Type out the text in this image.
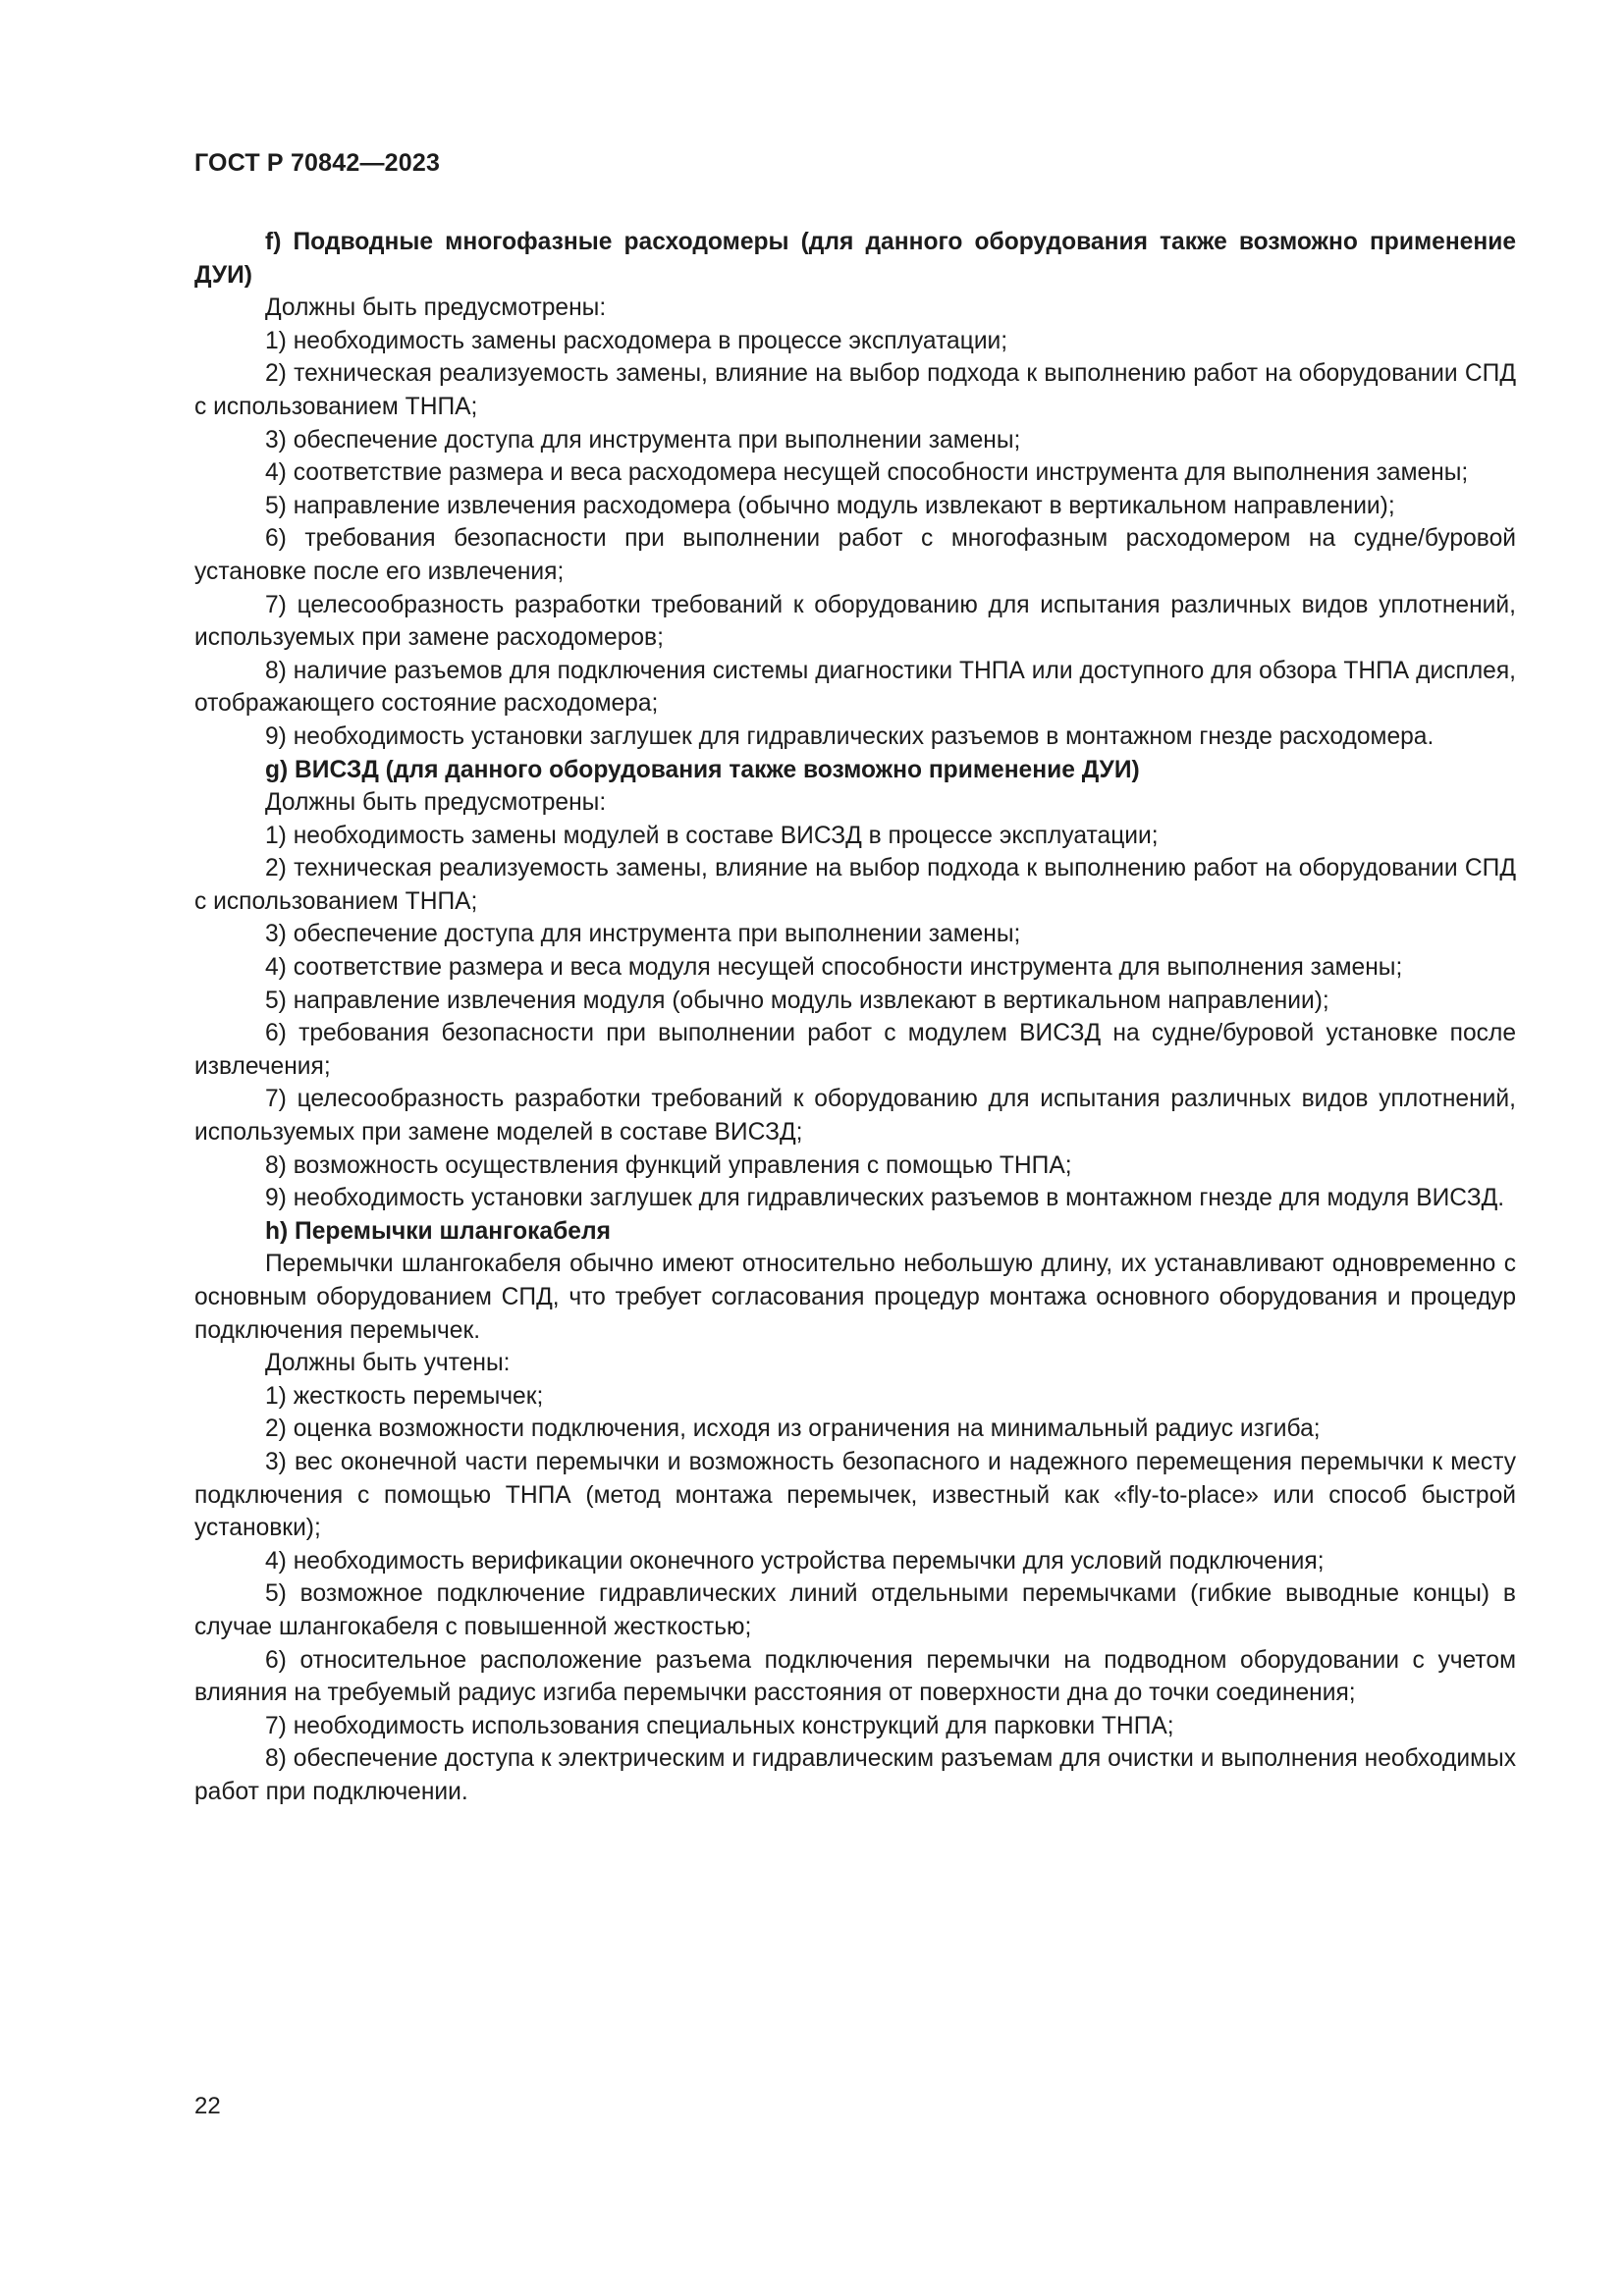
ГОСТ Р 70842—2023

f) Подводные многофазные расходомеры (для данного оборудования также возможно применение ДУИ)

Должны быть предусмотрены:

1) необходимость замены расходомера в процессе эксплуатации;

2) техническая реализуемость замены, влияние на выбор подхода к выполнению работ на оборудовании СПД с использованием ТНПА;

3) обеспечение доступа для инструмента при выполнении замены;

4) соответствие размера и веса расходомера несущей способности инструмента для выполнения замены;

5) направление извлечения расходомера (обычно модуль извлекают в вертикальном направлении);

6) требования безопасности при выполнении работ с многофазным расходомером на судне/буровой установке после его извлечения;

7) целесообразность разработки требований к оборудованию для испытания различных видов уплотнений, используемых при замене расходомеров;

8) наличие разъемов для подключения системы диагностики ТНПА или доступного для обзора ТНПА дисплея, отображающего состояние расходомера;

9) необходимость установки заглушек для гидравлических разъемов в монтажном гнезде расходомера.

g) ВИСЗД (для данного оборудования также возможно применение ДУИ)

Должны быть предусмотрены:

1) необходимость замены модулей в составе ВИСЗД в процессе эксплуатации;

2) техническая реализуемость замены, влияние на выбор подхода к выполнению работ на оборудовании СПД с использованием ТНПА;

3) обеспечение доступа для инструмента при выполнении замены;

4) соответствие размера и веса модуля несущей способности инструмента для выполнения замены;

5) направление извлечения модуля (обычно модуль извлекают в вертикальном направлении);

6) требования безопасности при выполнении работ с модулем ВИСЗД на судне/буровой установке после извлечения;

7) целесообразность разработки требований к оборудованию для испытания различных видов уплотнений, используемых при замене моделей в составе ВИСЗД;

8) возможность осуществления функций управления с помощью ТНПА;

9) необходимость установки заглушек для гидравлических разъемов в монтажном гнезде для модуля ВИСЗД.

h) Перемычки шлангокабеля

Перемычки шлангокабеля обычно имеют относительно небольшую длину, их устанавливают одновременно с основным оборудованием СПД, что требует согласования процедур монтажа основного оборудования и процедур подключения перемычек.

Должны быть учтены:

1) жесткость перемычек;

2) оценка возможности подключения, исходя из ограничения на минимальный радиус изгиба;

3) вес оконечной части перемычки и возможность безопасного и надежного перемещения перемычки к месту подключения с помощью ТНПА (метод монтажа перемычек, известный как «fly-to-place» или способ быстрой установки);

4) необходимость верификации оконечного устройства перемычки для условий подключения;

5) возможное подключение гидравлических линий отдельными перемычками (гибкие выводные концы) в случае шлангокабеля с повышенной жесткостью;

6) относительное расположение разъема подключения перемычки на подводном оборудовании с учетом влияния на требуемый радиус изгиба перемычки расстояния от поверхности дна до точки соединения;

7) необходимость использования специальных конструкций для парковки ТНПА;

8) обеспечение доступа к электрическим и гидравлическим разъемам для очистки и выполнения необходимых работ при подключении.

22
